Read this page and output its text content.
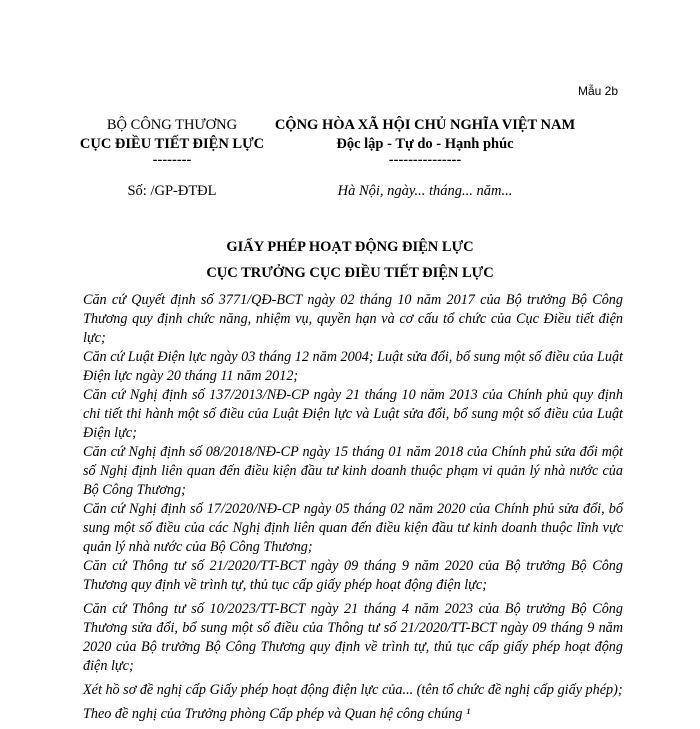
Mẫu 2b
BỘ CÔNG THƯƠNG
CỤC ĐIỀU TIẾT ĐIỆN LỰC
--------
CỘNG HÒA XÃ HỘI CHỦ NGHĨA VIỆT NAM
Độc lập - Tự do - Hạnh phúc
---------------
Số: /GP-ĐTĐL	Hà Nội, ngày... tháng... năm...
GIẤY PHÉP HOẠT ĐỘNG ĐIỆN LỰC
CỤC TRƯỞNG CỤC ĐIỀU TIẾT ĐIỆN LỰC
Căn cứ Quyết định số 3771/QĐ-BCT ngày 02 tháng 10 năm 2017 của Bộ trưởng Bộ Công Thương quy định chức năng, nhiệm vụ, quyền hạn và cơ cấu tổ chức của Cục Điều tiết điện lực;
Căn cứ Luật Điện lực ngày 03 tháng 12 năm 2004; Luật sửa đổi, bổ sung một số điều của Luật Điện lực ngày 20 tháng 11 năm 2012;
Căn cứ Nghị định số 137/2013/NĐ-CP ngày 21 tháng 10 năm 2013 của Chính phủ quy định chi tiết thi hành một số điều của Luật Điện lực và Luật sửa đổi, bổ sung một số điều của Luật Điện lực;
Căn cứ Nghị định số 08/2018/NĐ-CP ngày 15 tháng 01 năm 2018 của Chính phủ sửa đổi một số Nghị định liên quan đến điều kiện đầu tư kinh doanh thuộc phạm vi quản lý nhà nước của Bộ Công Thương;
Căn cứ Nghị định số 17/2020/NĐ-CP ngày 05 tháng 02 năm 2020 của Chính phủ sửa đổi, bổ sung một số điều của các Nghị định liên quan đến điều kiện đầu tư kinh doanh thuộc lĩnh vực quản lý nhà nước của Bộ Công Thương;
Căn cứ Thông tư số 21/2020/TT-BCT ngày 09 tháng 9 năm 2020 của Bộ trưởng Bộ Công Thương quy định về trình tự, thủ tục cấp giấy phép hoạt động điện lực;
Căn cứ Thông tư số 10/2023/TT-BCT ngày 21 tháng 4 năm 2023 của Bộ trưởng Bộ Công Thương sửa đổi, bổ sung một số điều của Thông tư số 21/2020/TT-BCT ngày 09 tháng 9 năm 2020 của Bộ trưởng Bộ Công Thương quy định về trình tự, thủ tục cấp giấy phép hoạt động điện lực;
Xét hồ sơ đề nghị cấp Giấy phép hoạt động điện lực của... (tên tổ chức đề nghị cấp giấy phép);
Theo đề nghị của Trưởng phòng Cấp phép và Quan hệ công chúng ¹
